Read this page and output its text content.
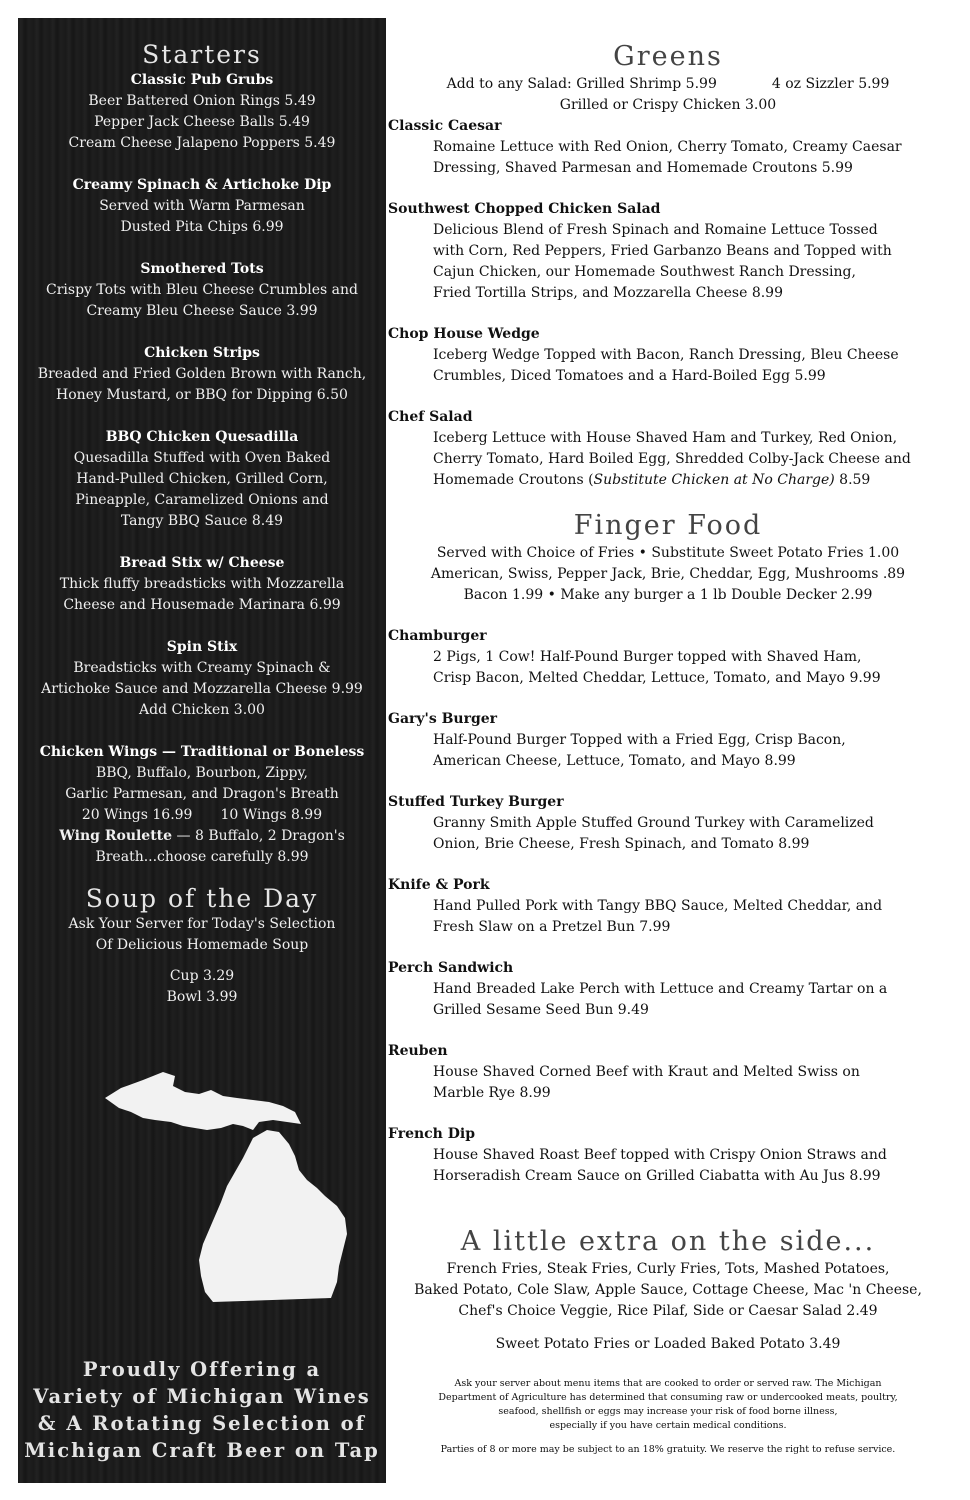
Starters
Classic Pub Grubs
Beer Battered Onion Rings 5.49
Pepper Jack Cheese Balls 5.49
Cream Cheese Jalapeno Poppers 5.49
Creamy Spinach & Artichoke Dip
Served with Warm Parmesan
Dusted Pita Chips 6.99
Smothered Tots
Crispy Tots with Bleu Cheese Crumbles and
Creamy Bleu Cheese Sauce 3.99
Chicken Strips
Breaded and Fried Golden Brown with Ranch,
Honey Mustard, or BBQ for Dipping 6.50
BBQ Chicken Quesadilla
Quesadilla Stuffed with Oven Baked
Hand-Pulled Chicken, Grilled Corn,
Pineapple, Caramelized Onions and
Tangy BBQ Sauce 8.49
Bread Stix w/ Cheese
Thick fluffy breadsticks with Mozzarella
Cheese and Housemade Marinara 6.99
Spin Stix
Breadsticks with Creamy Spinach &
Artichoke Sauce and Mozzarella Cheese 9.99
Add Chicken 3.00
Chicken Wings — Traditional or Boneless
BBQ, Buffalo, Bourbon, Zippy,
Garlic Parmesan, and Dragon's Breath
20 Wings 16.99 10 Wings 8.99
Wing Roulette — 8 Buffalo, 2 Dragon's
Breath...choose carefully 8.99
Soup of the Day
Ask Your Server for Today's Selection
Of Delicious Homemade Soup
Cup 3.29
Bowl 3.99
Proudly Offering a
Variety of Michigan Wines
& A Rotating Selection of
Michigan Craft Beer on Tap
Greens
Add to any Salad: Grilled Shrimp 5.99	4 oz Sizzler 5.99
Grilled or Crispy Chicken 3.00
Classic Caesar
Romaine Lettuce with Red Onion, Cherry Tomato, Creamy Caesar
Dressing, Shaved Parmesan and Homemade Croutons 5.99
Southwest Chopped Chicken Salad
Delicious Blend of Fresh Spinach and Romaine Lettuce Tossed
with Corn, Red Peppers, Fried Garbanzo Beans and Topped with
Cajun Chicken, our Homemade Southwest Ranch Dressing,
Fried Tortilla Strips, and Mozzarella Cheese 8.99
Chop House Wedge
Iceberg Wedge Topped with Bacon, Ranch Dressing, Bleu Cheese
Crumbles, Diced Tomatoes and a Hard-Boiled Egg 5.99
Chef Salad
Iceberg Lettuce with House Shaved Ham and Turkey, Red Onion,
Cherry Tomato, Hard Boiled Egg, Shredded Colby-Jack Cheese and
Homemade Croutons (Substitute Chicken at No Charge) 8.59
Finger Food
Served with Choice of Fries • Substitute Sweet Potato Fries 1.00
American, Swiss, Pepper Jack, Brie, Cheddar, Egg, Mushrooms .89
Bacon 1.99 • Make any burger a 1 lb Double Decker 2.99
Chamburger
2 Pigs, 1 Cow! Half-Pound Burger topped with Shaved Ham,
Crisp Bacon, Melted Cheddar, Lettuce, Tomato, and Mayo 9.99
Gary's Burger
Half-Pound Burger Topped with a Fried Egg, Crisp Bacon,
American Cheese, Lettuce, Tomato, and Mayo 8.99
Stuffed Turkey Burger
Granny Smith Apple Stuffed Ground Turkey with Caramelized
Onion, Brie Cheese, Fresh Spinach, and Tomato 8.99
Knife & Pork
Hand Pulled Pork with Tangy BBQ Sauce, Melted Cheddar, and
Fresh Slaw on a Pretzel Bun 7.99
Perch Sandwich
Hand Breaded Lake Perch with Lettuce and Creamy Tartar on a
Grilled Sesame Seed Bun 9.49
Reuben
House Shaved Corned Beef with Kraut and Melted Swiss on
Marble Rye 8.99
French Dip
House Shaved Roast Beef topped with Crispy Onion Straws and
Horseradish Cream Sauce on Grilled Ciabatta with Au Jus 8.99
A little extra on the side...
French Fries, Steak Fries, Curly Fries, Tots, Mashed Potatoes,
Baked Potato, Cole Slaw, Apple Sauce, Cottage Cheese, Mac 'n Cheese,
Chef's Choice Veggie, Rice Pilaf, Side or Caesar Salad 2.49
Sweet Potato Fries or Loaded Baked Potato 3.49
Ask your server about menu items that are cooked to order or served raw. The Michigan
Department of Agriculture has determined that consuming raw or undercooked meats, poultry,
seafood, shellfish or eggs may increase your risk of food borne illness,
especially if you have certain medical conditions.
Parties of 8 or more may be subject to an 18% gratuity. We reserve the right to refuse service.
